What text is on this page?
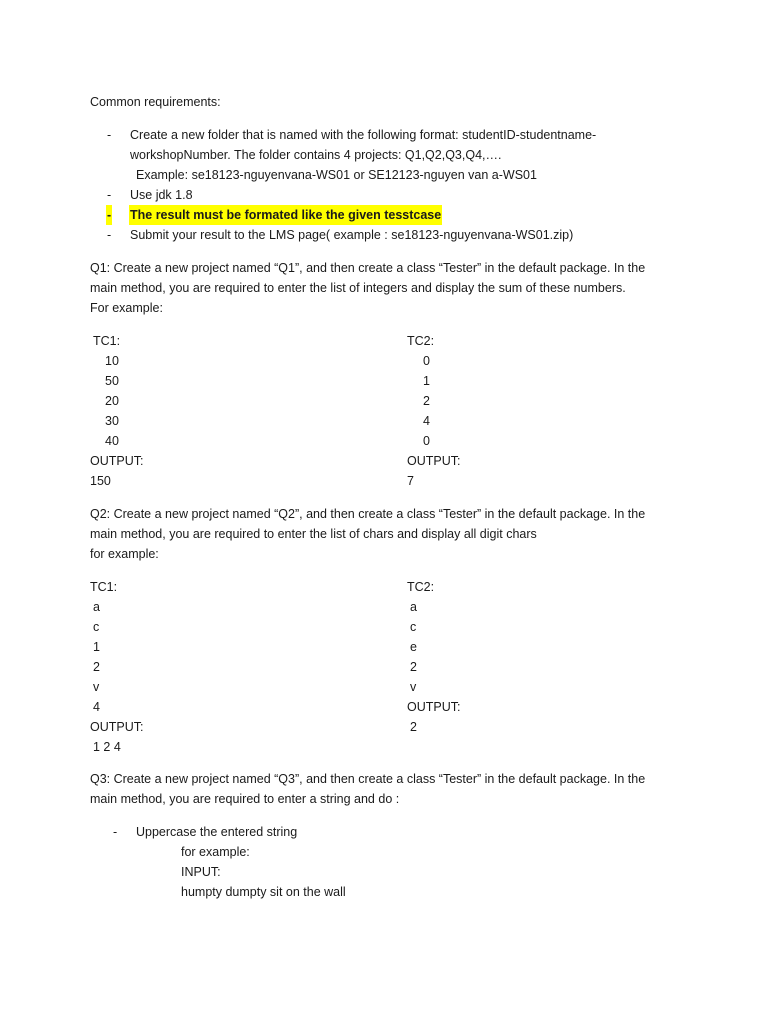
Common requirements:
- Create a new folder that is named with the following format: studentID-studentname-
workshopNumber. The folder contains 4 projects: Q1,Q2,Q3,Q4,….
Example: se18123-nguyenvana-WS01 or SE12123-nguyen van a-WS01
- Use jdk 1.8
- The result must be formated like the given tesstcase
- Submit your result to the LMS page( example : se18123-nguyenvana-WS01.zip)
Q1: Create a new project named “Q1”, and then create a class “Tester” in the default package. In the
main method, you are required to enter the list of integers and display the sum of these numbers.
For example:
TC1:
10
50
20
30
40
OUTPUT:
150
TC2:
0
1
2
4
0
OUTPUT:
7
Q2: Create a new project named “Q2”, and then create a class “Tester” in the default package. In the
main method, you are required to enter the list of chars and display all digit chars
for example:
TC1:
a
c
1
2
v
4
OUTPUT:
1 2 4
TC2:
a
c
e
2
v
OUTPUT:
2
Q3: Create a new project named “Q3”, and then create a class “Tester” in the default package. In the
main method, you are required to enter a string and do :
- Uppercase the entered string
for example:
INPUT:
humpty dumpty sit on the wall
